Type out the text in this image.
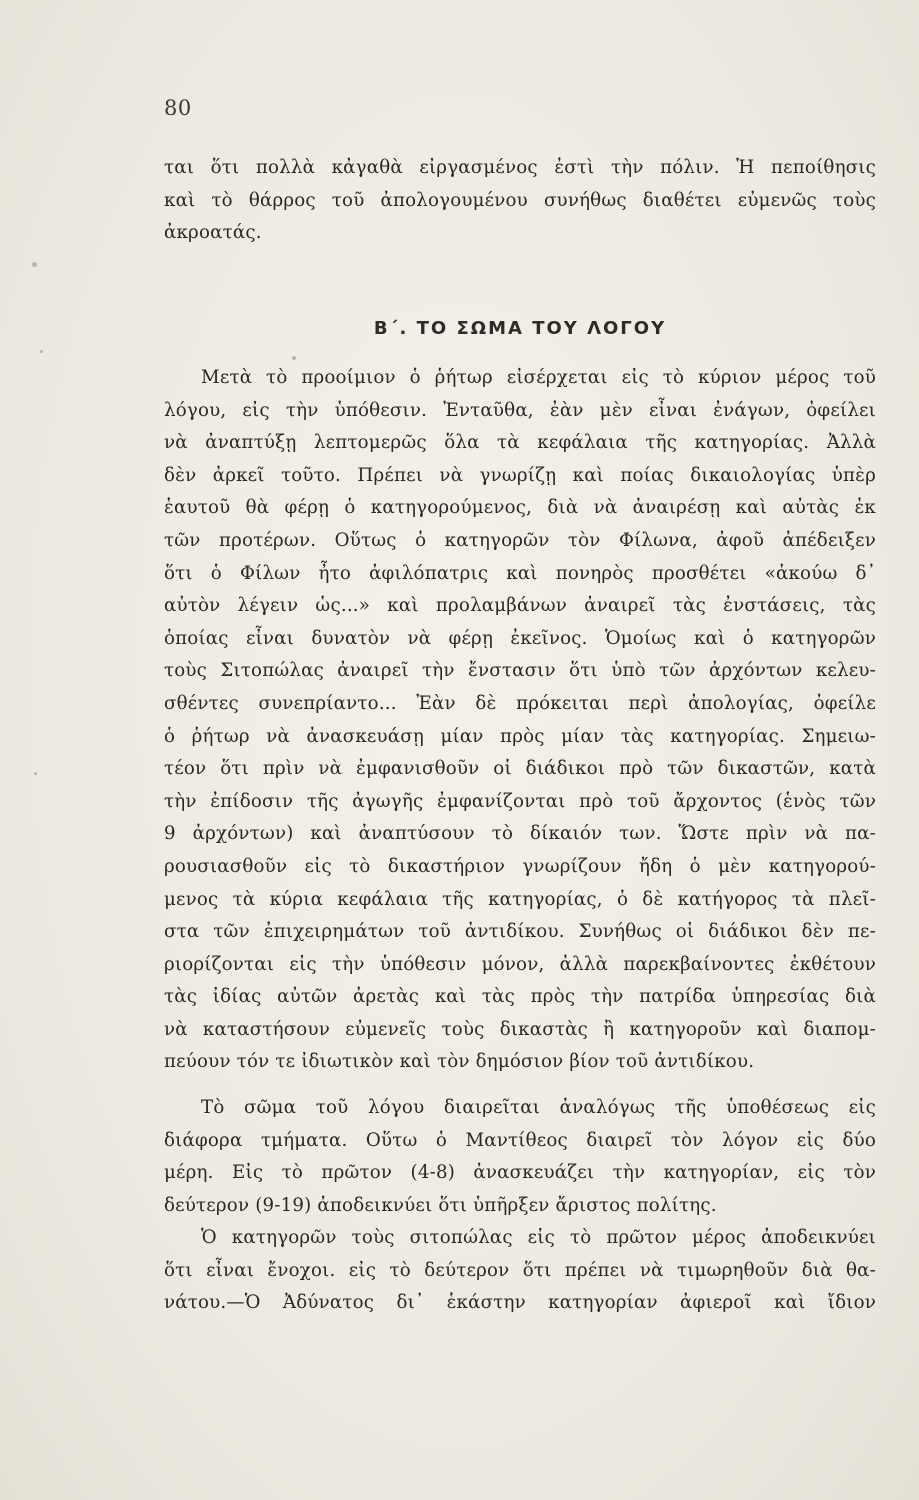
80
ται ὅτι πολλὰ κἀγαθὰ εἰργασμένος ἐστὶ τὴν πόλιν. Ἡ πεποίθησις
καὶ τὸ θάρρος τοῦ ἀπολογουμένου συνήθως διαθέτει εὐμενῶς τοὺς
ἀκροατάς.
Β΄. ΤΟ ΣΩΜΑ ΤΟΥ ΛΟΓΟΥ
Μετὰ τὸ προοίμιον ὁ ῥήτωρ εἰσέρχεται εἰς τὸ κύριον μέρος τοῦ
λόγου, εἰς τὴν ὑπόθεσιν. Ἐνταῦθα, ἐὰν μὲν εἶναι ἐνάγων, ὀφείλει
νὰ ἀναπτύξῃ λεπτομερῶς ὅλα τὰ κεφάλαια τῆς κατηγορίας. Ἀλλὰ
δὲν ἀρκεῖ τοῦτο. Πρέπει νὰ γνωρίζῃ καὶ ποίας δικαιολογίας ὑπὲρ
ἑαυτοῦ θὰ φέρῃ ὁ κατηγορούμενος, διὰ νὰ ἀναιρέσῃ καὶ αὐτὰς ἐκ
τῶν προτέρων. Οὕτως ὁ κατηγορῶν τὸν Φίλωνα, ἀφοῦ ἀπέδειξεν
ὅτι ὁ Φίλων ἦτο ἀφιλόπατρις καὶ πονηρὸς προσθέτει «ἀκούω δ᾽
αὐτὸν λέγειν ὡς...» καὶ προλαμβάνων ἀναιρεῖ τὰς ἐνστάσεις, τὰς
ὁποίας εἶναι δυνατὸν νὰ φέρῃ ἐκεῖνος. Ὁμοίως καὶ ὁ κατηγορῶν
τοὺς Σιτοπώλας ἀναιρεῖ τὴν ἔνστασιν ὅτι ὑπὸ τῶν ἀρχόντων κελευ-
σθέντες συνεπρίαντο... Ἐὰν δὲ πρόκειται περὶ ἀπολογίας, ὀφείλε
ὁ ῥήτωρ νὰ ἀνασκευάσῃ μίαν πρὸς μίαν τὰς κατηγορίας. Σημειω-
τέον ὅτι πρὶν νὰ ἐμφανισθοῦν οἱ διάδικοι πρὸ τῶν δικαστῶν, κατὰ
τὴν ἐπίδοσιν τῆς ἀγωγῆς ἐμφανίζονται πρὸ τοῦ ἄρχοντος (ἑνὸς τῶν
9 ἀρχόντων) καὶ ἀναπτύσουν τὸ δίκαιόν των. Ὥστε πρὶν νὰ πα-
ρουσιασθοῦν εἰς τὸ δικαστήριον γνωρίζουν ἤδη ὁ μὲν κατηγορού-
μενος τὰ κύρια κεφάλαια τῆς κατηγορίας, ὁ δὲ κατήγορος τὰ πλεῖ-
στα τῶν ἐπιχειρημάτων τοῦ ἀντιδίκου. Συνήθως οἱ διάδικοι δὲν πε-
ριορίζονται εἰς τὴν ὑπόθεσιν μόνον, ἀλλὰ παρεκβαίνοντες ἐκθέτουν
τὰς ἰδίας αὐτῶν ἀρετὰς καὶ τὰς πρὸς τὴν πατρίδα ὑπηρεσίας διὰ
νὰ καταστήσουν εὐμενεῖς τοὺς δικαστὰς ἢ κατηγοροῦν καὶ διαπομ-
πεύουν τόν τε ἰδιωτικὸν καὶ τὸν δημόσιον βίον τοῦ ἀντιδίκου.
Τὸ σῶμα τοῦ λόγου διαιρεῖται ἀναλόγως τῆς ὑποθέσεως εἰς
διάφορα τμήματα. Οὕτω ὁ Μαντίθεος διαιρεῖ τὸν λόγον εἰς δύο
μέρη. Εἰς τὸ πρῶτον (4-8) ἀνασκευάζει τὴν κατηγορίαν, εἰς τὸν
δεύτερον (9-19) ἀποδεικνύει ὅτι ὑπῆρξεν ἄριστος πολίτης.
Ὁ κατηγορῶν τοὺς σιτοπώλας εἰς τὸ πρῶτον μέρος ἀποδεικνύει
ὅτι εἶναι ἔνοχοι. εἰς τὸ δεύτερον ὅτι πρέπει νὰ τιμωρηθοῦν διὰ θα-
νάτου.—Ὁ Ἀδύνατος δι᾽ ἑκάστην κατηγορίαν ἀφιεροῖ καὶ ἴδιον
